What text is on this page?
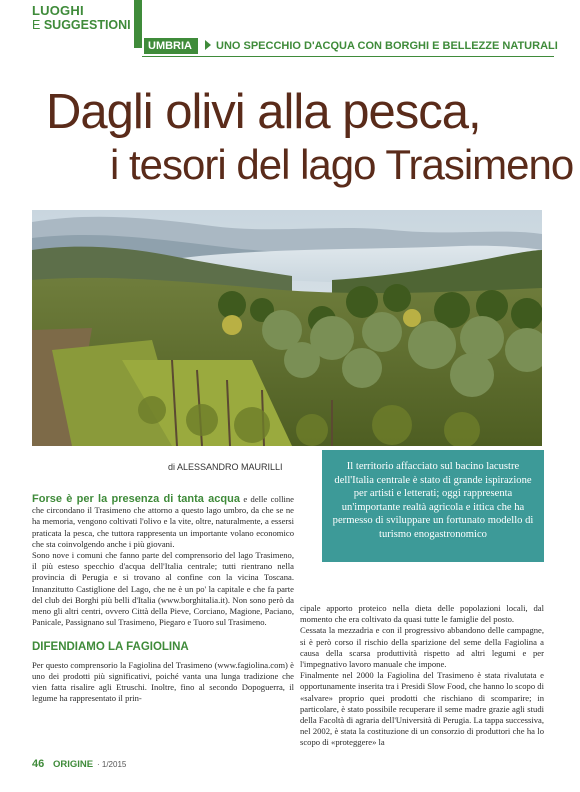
LUOGHI
E SUGGESTIONI
UMBRIA	UNO SPECCHIO D'ACQUA CON BORGHI E BELLEZZE NATURALI
Dagli olivi alla pesca,
i tesori del lago Trasimeno
di ALESSANDRO MAURILLI	Il territorio affacciato sul bacino lacustre dell'Italia centrale è stato di grande ispirazione per artisti e letterati; oggi rappresenta un'importante realtà agricola e ittica che ha permesso di sviluppare un fortunato modello di turismo enogastronomico

Forse è per la presenza di tanta acqua e delle colline che circondano il Trasimeno che attorno a questo lago umbro, da che se ne ha memoria, vengono coltivati l'olivo e la vite, oltre, naturalmente, a essersi praticata la pesca, che tuttora rappresenta un importante volano economico che sta coinvolgendo anche i più giovani.

Sono nove i comuni che fanno parte del comprensorio del lago Trasimeno, il più esteso specchio d'acqua dell'Italia centrale; tutti rientrano nella provincia di Perugia e si trovano al confine con la vicina Toscana. Innanzitutto Castiglione del Lago, che ne è un po' la capitale e che fa parte del club dei Borghi più belli d'Italia (www.borghitalia.it). Non sono però da meno gli altri centri, ovvero Città della Pieve, Corciano, Magione, Paciano, Panicale, Passignano sul Trasimeno, Piegaro e Tuoro sul Trasimeno.

DIFENDIAMO LA FAGIOLINA

Per questo comprensorio la Fagiolina del Trasimeno (www.fagiolina.com) è uno dei prodotti più significativi, poiché vanta una lunga tradizione che vien fatta risalire agli Etruschi. Inoltre, fino al secondo Dopoguerra, il legume ha rappresentato il prin-

cipale apporto proteico nella dieta delle popolazioni locali, dal momento che era coltivato da quasi tutte le famiglie del posto.

Cessata la mezzadria e con il progressivo abbandono delle campagne, si è però corso il rischio della sparizione del seme della Fagiolina a causa della scarsa produttività rispetto ad altri legumi e per l'impegnativo lavoro manuale che impone.

Finalmente nel 2000 la Fagiolina del Trasimeno è stata rivalutata e opportunamente inserita tra i Presidi Slow Food, che hanno lo scopo di «salvare» proprio quei prodotti che rischiano di scomparire; in particolare, è stato possibile recuperare il seme madre grazie agli studi della Facoltà di agraria dell'Università di Perugia. La tappa successiva, nel 2002, è stata la costituzione di un consorzio di produttori che ha lo scopo di «proteggere» la

46 ORIGINE · 1/2015
